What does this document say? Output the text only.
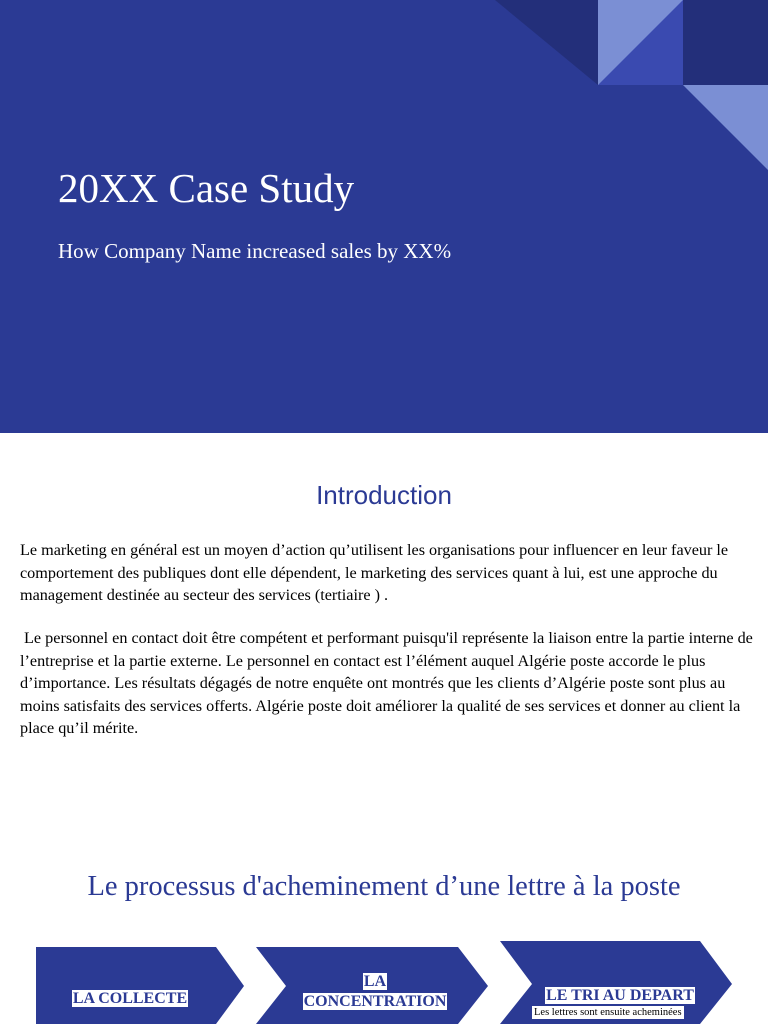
20XX Case Study
How Company Name increased sales by XX%
Introduction

Le marketing en général est un moyen d’action qu’utilisent les organisations pour influencer en leur faveur le comportement des publiques dont elle dépendent, le marketing des services quant à lui, est une approche du management destinée au secteur des services (tertiaire ) .

Le personnel en contact doit être compétent et performant puisqu'il représente la liaison entre la partie interne de l’entreprise et la partie externe. Le personnel en contact est l’élément auquel Algérie poste accorde le plus d’importance. Les résultats dégagés de notre enquête ont montrés que les clients d’Algérie poste sont plus au moins satisfaits des services offerts. Algérie poste doit améliorer la qualité de ses services et donner au client la place qu’il mérite.

Le processus d'acheminement d’une lettre à la poste
LA COLLECTE
LA
CONCENTRATION	LE TRI AU DEPART
Les lettres sont ensuite acheminées
